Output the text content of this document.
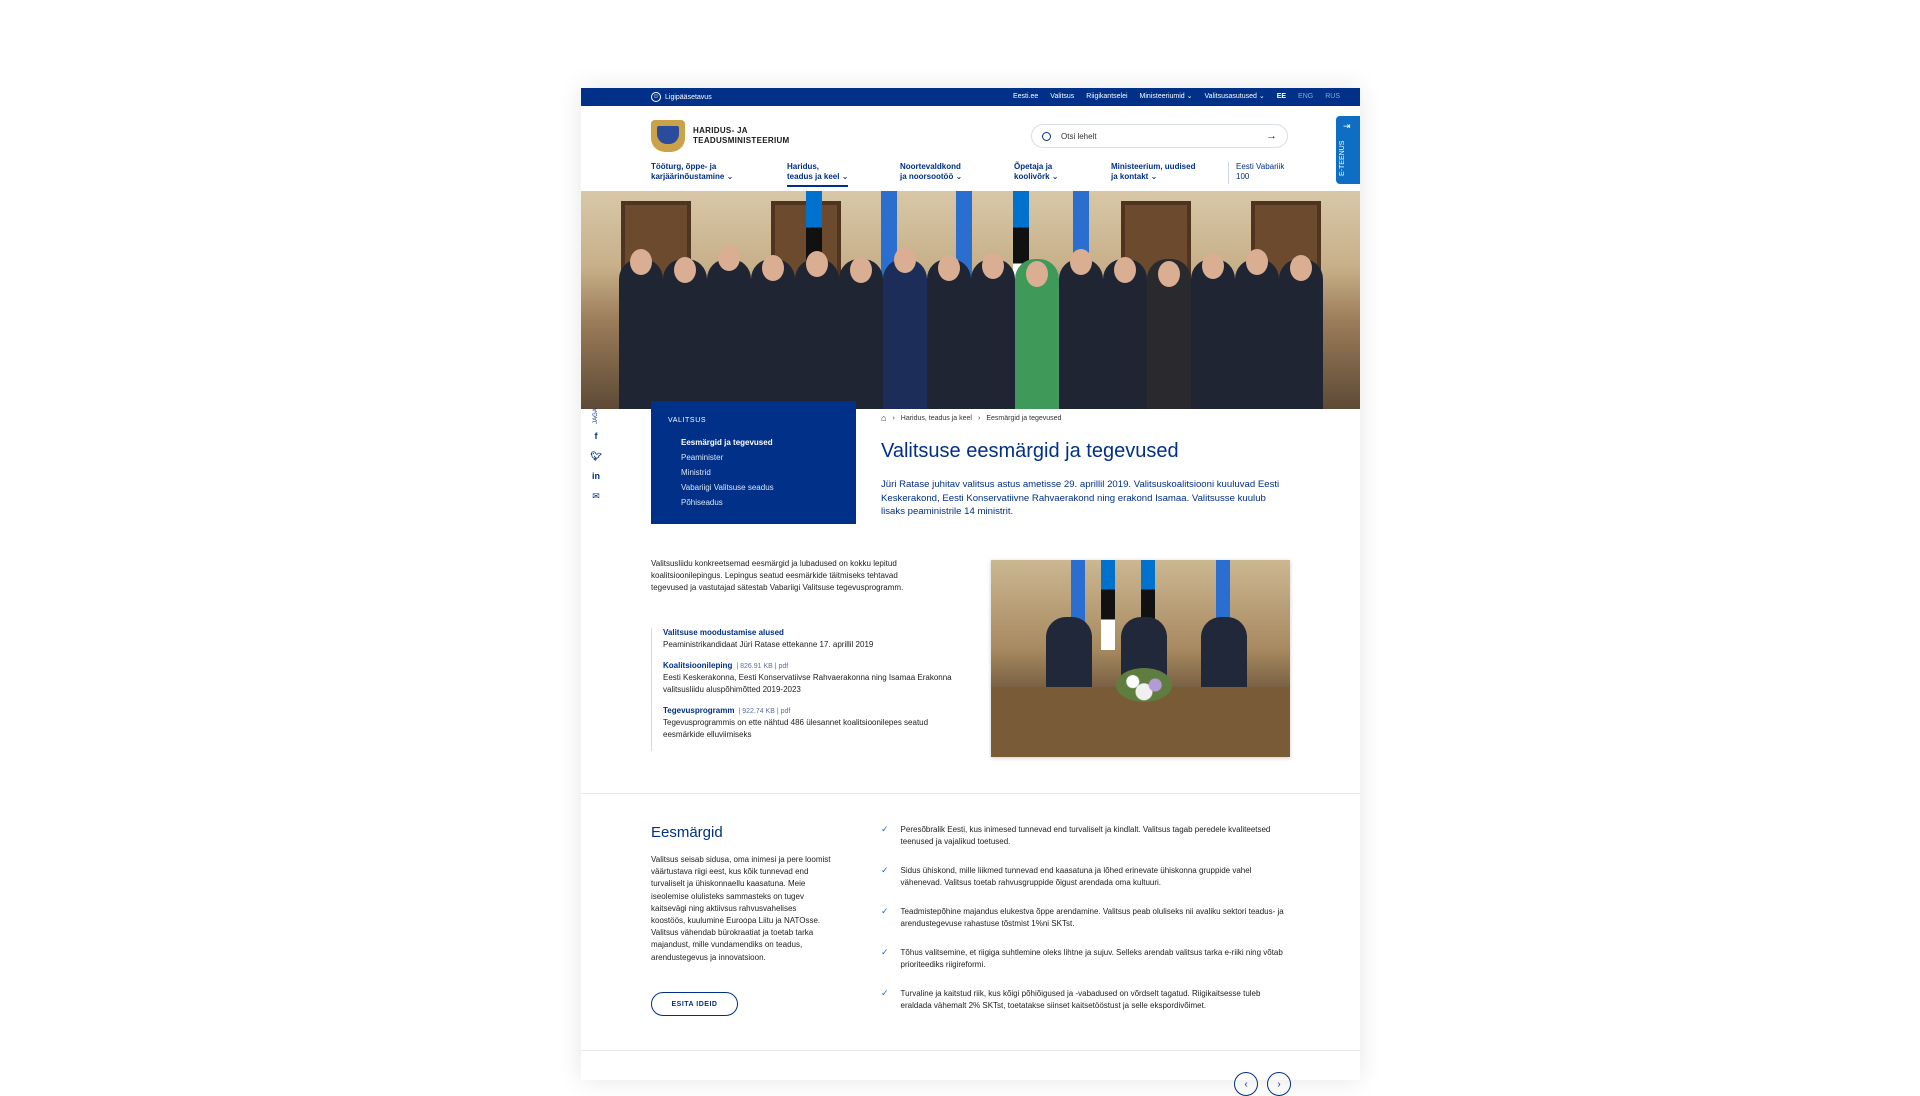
☺ Ligipääsetavus	Eesti.ee Valitsus Riigikantselei Ministeeriumid ⌄ Valitsusasutused ⌄ EE ENG RUS
HARIDUS- JA
TEADUSMINISTEERIUM	Otsi lehelt	→
⇥
E-TEENUS
Tööturg, õppe- ja
karjäärinõustamine ⌄
Haridus,
teadus ja keel ⌄
Noortevaldkond
ja noorsootöö ⌄
Õpetaja ja
koolivõrk ⌄
Ministeerium, uudised
ja kontakt ⌄
Eesti Vabariik
100
VALITSUS
Eesmärgid ja tegevused
Peaminister
Ministrid
Vabariigi Valitsuse seadus
Põhiseadus
JAGA
f
🐦︎
in
✉
⌂ › Haridus, teadus ja keel › Eesmärgid ja tegevused
Valitsuse eesmärgid ja tegevused
Jüri Ratase juhitav valitsus astus ametisse 29. aprillil 2019. Valitsuskoalitsiooni kuuluvad Eesti Keskerakond, Eesti Konservatiivne Rahvaerakond ning erakond Isamaa. Valitsusse kuulub lisaks peaministrile 14 ministrit.
Valitsusliidu konkreetsemad eesmärgid ja lubadused on kokku lepitud koalitsioonilepingus. Lepingus seatud eesmärkide täitmiseks tehtavad tegevused ja vastutajad sätestab Vabariigi Valitsuse tegevusprogramm.
Valitsuse moodustamise alused
Peaministrikandidaat Jüri Ratase ettekanne 17. aprillil 2019
Koalitsioonileping | 826.91 KB | pdf
Eesti Keskerakonna, Eesti Konservatiivse Rahvaerakonna ning Isamaa Erakonna valitsusliidu aluspõhimõtted 2019-2023
Tegevusprogramm | 922.74 KB | pdf
Tegevusprogrammis on ette nähtud 486 ülesannet koalitsioonilepes seatud eesmärkide elluviimiseks
Eesmärgid
Valitsus seisab sidusa, oma inimesi ja pere loomist väärtustava riigi eest, kus kõik tunnevad end turvaliselt ja ühiskonnaellu kaasatuna. Meie iseolemise olulisteks sammasteks on tugev kaitsevägi ning aktiivsus rahvusvahelises koostöös, kuulumine Euroopa Liitu ja NATOsse. Valitsus vähendab bürokraatiat ja toetab tarka majandust, mille vundamendiks on teadus, arendustegevus ja innovatsioon.
ESITA IDEID
✓ Peresõbralik Eesti, kus inimesed tunnevad end turvaliselt ja kindlalt. Valitsus tagab peredele kvaliteetsed teenused ja vajalikud toetused.
✓ Sidus ühiskond, mille liikmed tunnevad end kaasatuna ja lõhed erinevate ühiskonna gruppide vahel vähenevad. Valitsus toetab rahvusgruppide õigust arendada oma kultuuri.
✓ Teadmistepõhine majandus elukestva õppe arendamine. Valitsus peab oluliseks nii avaliku sektori teadus- ja arendustegevuse rahastuse tõstmist 1%ni SKTst.
✓ Tõhus valitsemine, et riigiga suhtlemine oleks lihtne ja sujuv. Selleks arendab valitsus tarka e-riiki ning võtab prioriteediks riigireformi.
✓ Turvaline ja kaitstud riik, kus kõigi põhiõigused ja -vabadused on võrdselt tagatud. Riigikaitsesse tuleb eraldada vähemalt 2% SKTst, toetatakse siinset kaitsetööstust ja selle ekspordivõimet.
‹	›
